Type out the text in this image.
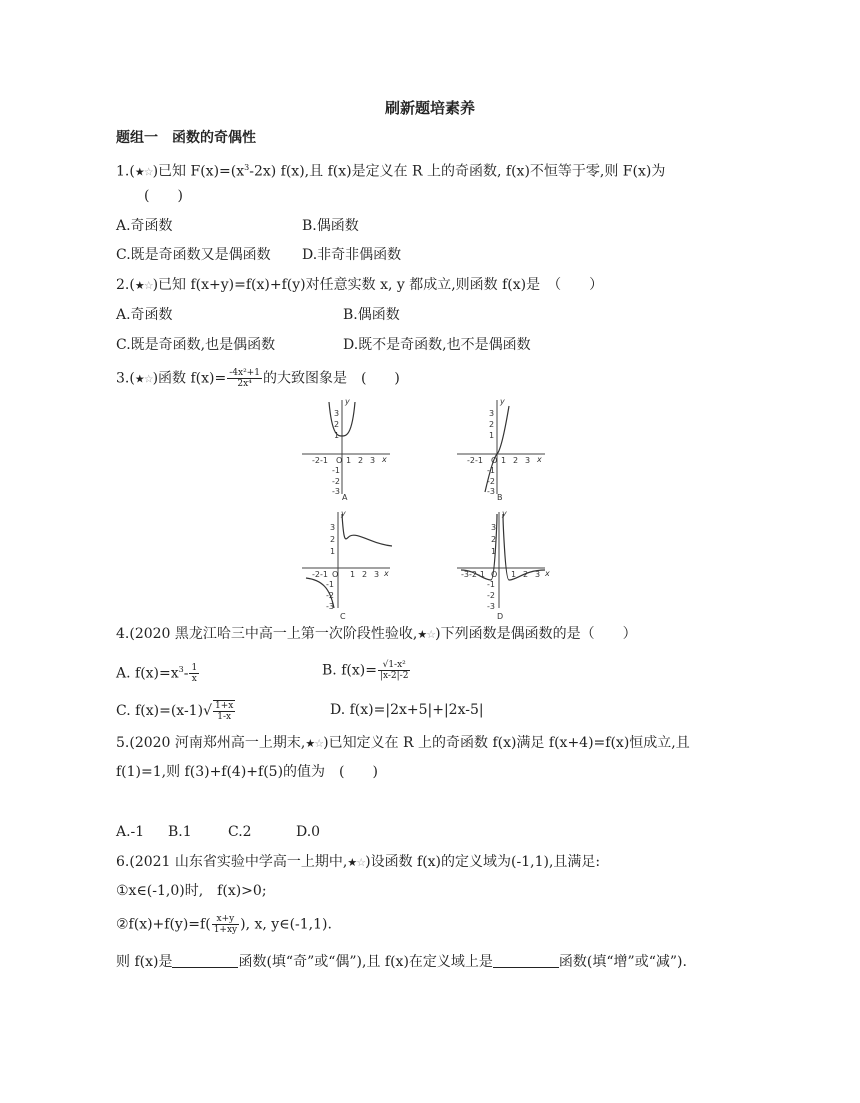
刷新题培素养
题组一　函数的奇偶性
1.(★☆)已知 $F(x)=(x^3-2x)$ f(x),且 f(x)是定义在 R 上的奇函数, f(x)不恒等于零,则 F(x)为
(　　)
A.奇函数	B.偶函数
C.既是奇函数又是偶函数 D.非奇非偶函数
2.(★☆)已知 f(x+y)=f(x)+f(y)对任意实数 x, y 都成立,则函数 f(x)是　（　　）
A.奇函数	B.偶函数
C.既是奇函数,也是偶函数	D.既不是奇函数,也不是偶函数
3.(★☆)函数 $f(x)= \frac{\text{-4x²+1}}{\text{2x⁴}}$ 的大致图象是　(　　)
-2-1 O 1 2 3 x
3
2
1
-1
-2
-3
y
A
-2-1 O 1 2 3 x
3
2
1
-1
-2
-3
y
B
-2-1 O 1 2 3 x
3
2
1
-1
-2
-3
y
C
-3-2-1 O 1 2 3 x
3
2
1
-1
-2
-3
y
D
4.(2020 黑龙江哈三中高一上第一次阶段性验收,★☆)下列函数是偶函数的是（　　）
A. $f(x)=x^3- \frac{1}{x}$	B. $f(x)= \frac{\text{√1-x²}}{|x-2|-2}$
C. $f(x)=(x-1)√ \frac{1+x}{1-x}$	D. f(x)=|2x+5|+|2x-5|
5.(2020 河南郑州高一上期末,★☆)已知定义在 R 上的奇函数 f(x)满足 f(x+4)=f(x)恒成立,且
f(1)=1,则 f(3)+f(4)+f(5)的值为　(　　)
A.-1 B.1	C.2	D.0
6.(2021 山东省实验中学高一上期中,★☆)设函数 f(x)的定义域为(-1,1),且满足:
①x∈(-1,0)时,　f(x)>0;
②f(x)+f(y)=f( $\frac{x+y}{1+xy}$ ), x, y∈(-1,1).
则 f(x)是	函数(填“奇”或“偶”),且 f(x)在定义域上是	函数(填“增”或“减”).
